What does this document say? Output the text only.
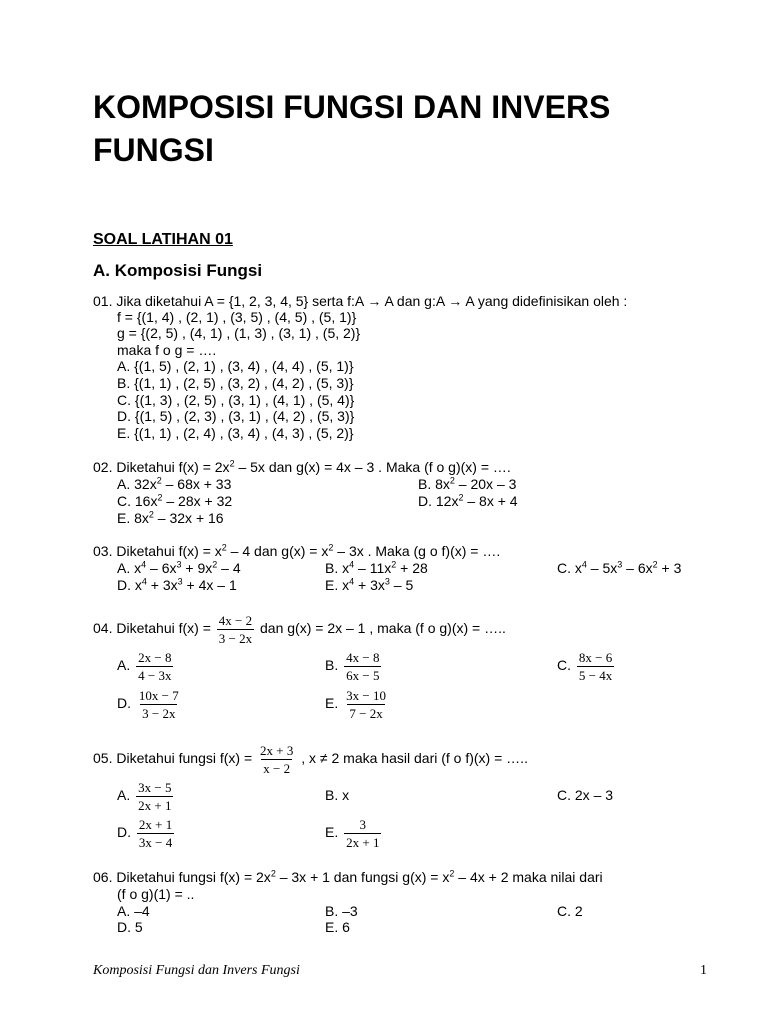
KOMPOSISI FUNGSI DAN INVERS
FUNGSI
SOAL LATIHAN 01
A. Komposisi Fungsi
01. Jika diketahui A = {1, 2, 3, 4, 5} serta f:A → A dan g:A → A yang didefinisikan oleh :
f = {(1, 4) , (2, 1) , (3, 5) , (4, 5) , (5, 1)}
g = {(2, 5) , (4, 1) , (1, 3) , (3, 1) , (5, 2)}
maka f o g = ….
A. {(1, 5) , (2, 1) , (3, 4) , (4, 4) , (5, 1)}
B. {(1, 1) , (2, 5) , (3, 2) , (4, 2) , (5, 3)}
C. {(1, 3) , (2, 5) , (3, 1) , (4, 1) , (5, 4)}
D. {(1, 5) , (2, 3) , (3, 1) , (4, 2) , (5, 3)}
E. {(1, 1) , (2, 4) , (3, 4) , (4, 3) , (5, 2)}
02. Diketahui $f(x) = 2x^2 - 5x$ dan g(x) = 4x – 3 . Maka (f o g)(x) = ….
A. $32x^2 - 68x + 33$	B. $8x^2 - 20x - 3$
C. $16x^2 - 28x + 32$	D. $12x^2 - 8x + 4$
E. $8x^2 - 32x + 16$
03. Diketahui $f(x) = x^2 - 4$ dan $g(x) = x^2 - 3x$ . Maka (g o f)(x) = ….
A. $x^4 - 6x^3 + 9x^2 - 4$	B. $x^4 - 11x^2 + 28$	C. $x^4 - 5x^3 - 6x^2 + 3$
D. $x^4 + 3x^3 + 4x - 1$	E. $x^4 + 3x^3 - 5$
04. Diketahui $f(x) = \frac{4x - 2}{3 - 2x}$ dan g(x) = 2x – 1 , maka (f o g)(x) = …..
A. $\frac{2x - 8}{4 - 3x}$	B. $\frac{4x - 8}{6x - 5}$	C. $\frac{8x - 6}{5 - 4x}$
D. $\frac{10x - 7}{3 - 2x}$	E. $\frac{3x - 10}{7 - 2x}$
05. Diketahui fungsi $f(x) = \frac{2x + 3}{x - 2}$ , x ≠ 2 maka hasil dari (f o f)(x) = …..
A. $\frac{3x - 5}{2x + 1}$	B. x	C. 2x – 3
D. $\frac{2x + 1}{3x - 4}$	E. $\frac{3}{2x + 1}$
06. Diketahui fungsi $f(x) = 2x^2 - 3x + 1$ dan fungsi $g(x) = x^2 - 4x + 2$ maka nilai dari
(f o g)(1) = ..
A. –4	B. –3	C. 2
D. 5	E. 6
Komposisi Fungsi dan Invers Fungsi	1
